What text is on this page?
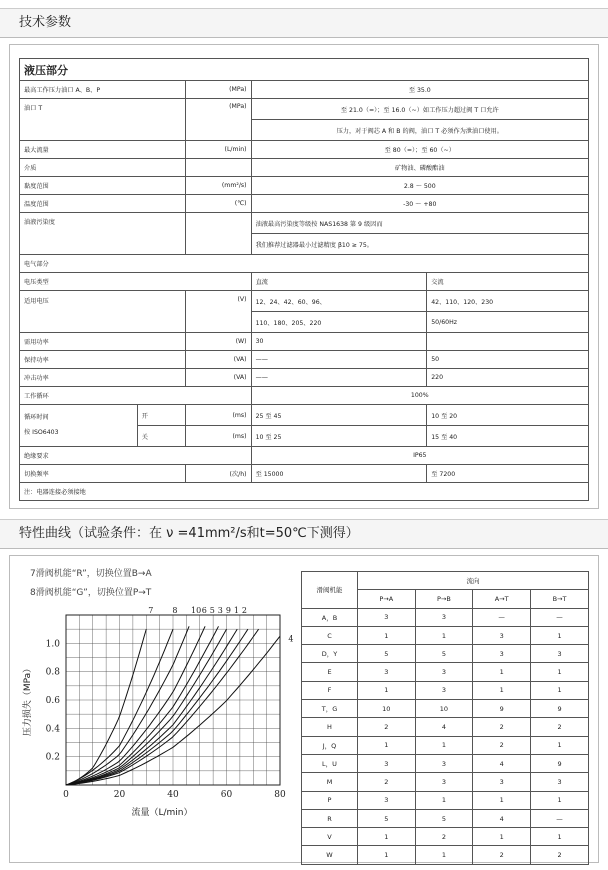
技术参数
液压部分				
最高工作压力油口 A、B、P		(MPa)	至 35.0	
油口 T		(MPa)	至 21.0（=）；至 16.0（~）如工作压力超过阀 T 口允许	
			压力，对于阀芯 A 和 B 的阀，油口 T 必须作为泄油口使用。	
最大流量		(L/min)	至 80（=）；至 60（~）	
介质			矿物油、磷酸酯油	
黏度范围		(mm²/s)	2.8 ～ 500	
温度范围		(℃)	-30 ～ +80	
油液污染度			油液最高污染度等级按 NAS1638 第 9 级因而	
			我们推荐过滤器最小过滤精度 β10 ≥ 75。	
电气部分				
电压类型			直流	交流
适用电压		(V)	12、24、42、60、96、	42、110、120、230
			110、180、205、220	50/60Hz
需用功率		(W)	30	
保持功率		(VA)	——	50
冲击功率		(VA)	——	220
工作循环			100%	

循环时间
按 ISO6403	开	(ms)	25 至 45	10 至 20
	关	(ms)	10 至 25	15 至 40
绝缘要求			IP65	
切换频率		(次/h)	至 15000	至 7200
注：电器连接必须接地				
特性曲线（试验条件：在 ν =41mm²/s和t=50℃下测得）
7滑阀机能“R”，切换位置B→A
8滑阀机能“G”，切换位置P→T
0	20	40	60	80
0.2
0.4
0.6
0.8
1.0
流量（L/min）
压力损失（MPa）
7 8 10 6 5 3 9 1 2
4
滑阀机能	流向			
	P→A	P→B	A→T	B→T
A，B	3	3	—	—
C	1	1	3	1
D，Y	5	5	3	3
E	3	3	1	1
F	1	3	1	1
T，G	10	10	9	9
H	2	4	2	2
J，Q	1	1	2	1
L，U	3	3	4	9
M	2	3	3	3
P	3	1	1	1
R	5	5	4	—
V	1	2	1	1
W	1	1	2	2
